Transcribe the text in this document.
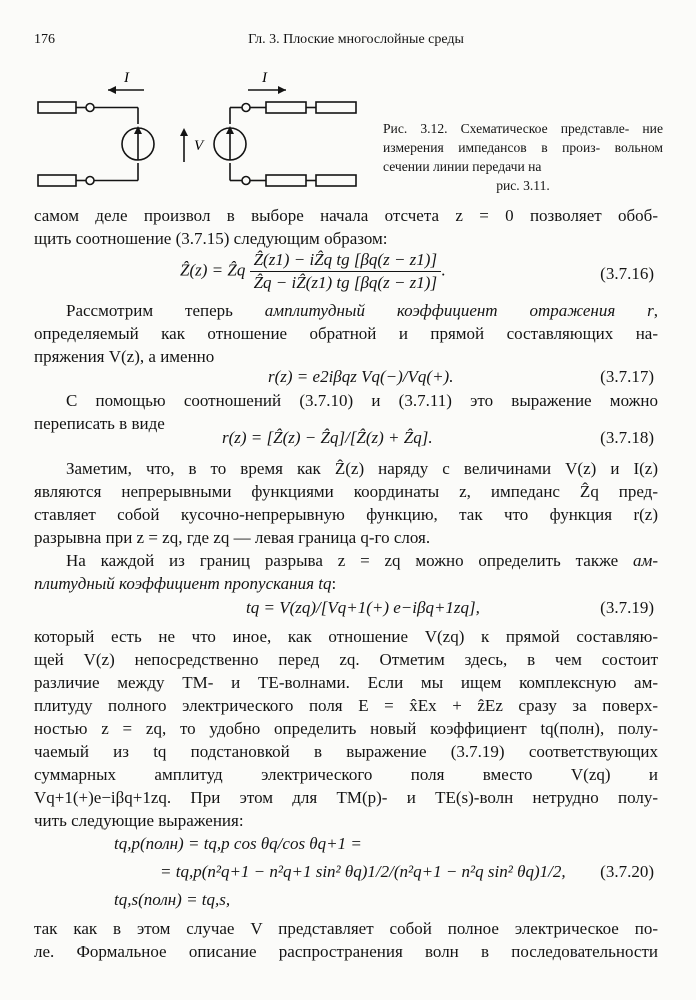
176	Гл. 3. Плоские многослойные среды
I	I
V
Рис. 3.12. Схематическое представле- ние измерения импедансов в произ- вольном сечении линии передачи на
рис. 3.11.
самом деле произвол в выборе начала отсчета z = 0 позволяет обоб-
щить соотношение (3.7.15) следующим образом:
Ẑ(z) = Ẑq $\frac{\text{Ẑ(z1) − iẐq tg [βq(z − z1)]}}{\text{Ẑq − iẐ(z1) tg [βq(z − z1)]}}$ .	(3.7.16)
Рассмотрим теперь амплитудный коэффициент отражения r,
определяемый как отношение обратной и прямой составляющих на-
пряжения V(z), а именно
r(z) = e2iβqz Vq(−)/Vq(+).	(3.7.17)
С помощью соотношений (3.7.10) и (3.7.11) это выражение можно
переписать в виде
r(z) = [Ẑ(z) − Ẑq]/[Ẑ(z) + Ẑq].	(3.7.18)
Заметим, что, в то время как Ẑ(z) наряду с величинами V(z) и I(z)
являются непрерывными функциями координаты z, импеданс Ẑq пред-
ставляет собой кусочно-непрерывную функцию, так что функция r(z)
разрывна при z = zq, где zq — левая граница q-го слоя.
На каждой из границ разрыва z = zq можно определить также ам-
плитудный коэффициент пропускания tq:
tq = V(zq)/[Vq+1(+) e−iβq+1zq],	(3.7.19)
который есть не что иное, как отношение V(zq) к прямой составляю-
щей V(z) непосредственно перед zq. Отметим здесь, в чем состоит
различие между TM- и TE-волнами. Если мы ищем комплексную ам-
плитуду полного электрического поля E = x̂Ex + ẑEz сразу за поверх-
ностью z = zq, то удобно определить новый коэффициент tq(полн), полу-
чаемый из tq подстановкой в выражение (3.7.19) соответствующих
суммарных амплитуд электрического поля вместо V(zq) и
Vq+1(+)e−iβq+1zq. При этом для TM(p)- и TE(s)-волн нетрудно полу-
чить следующие выражения:
tq,p(полн) = tq,p cos θq/cos θq+1 =
= tq,p(n²q+1 − n²q+1 sin² θq)1/2/(n²q+1 − n²q sin² θq)1/2, (3.7.20)
tq,s(полн) = tq,s,
так как в этом случае V представляет собой полное электрическое по-
ле. Формальное описание распространения волн в последовательности
